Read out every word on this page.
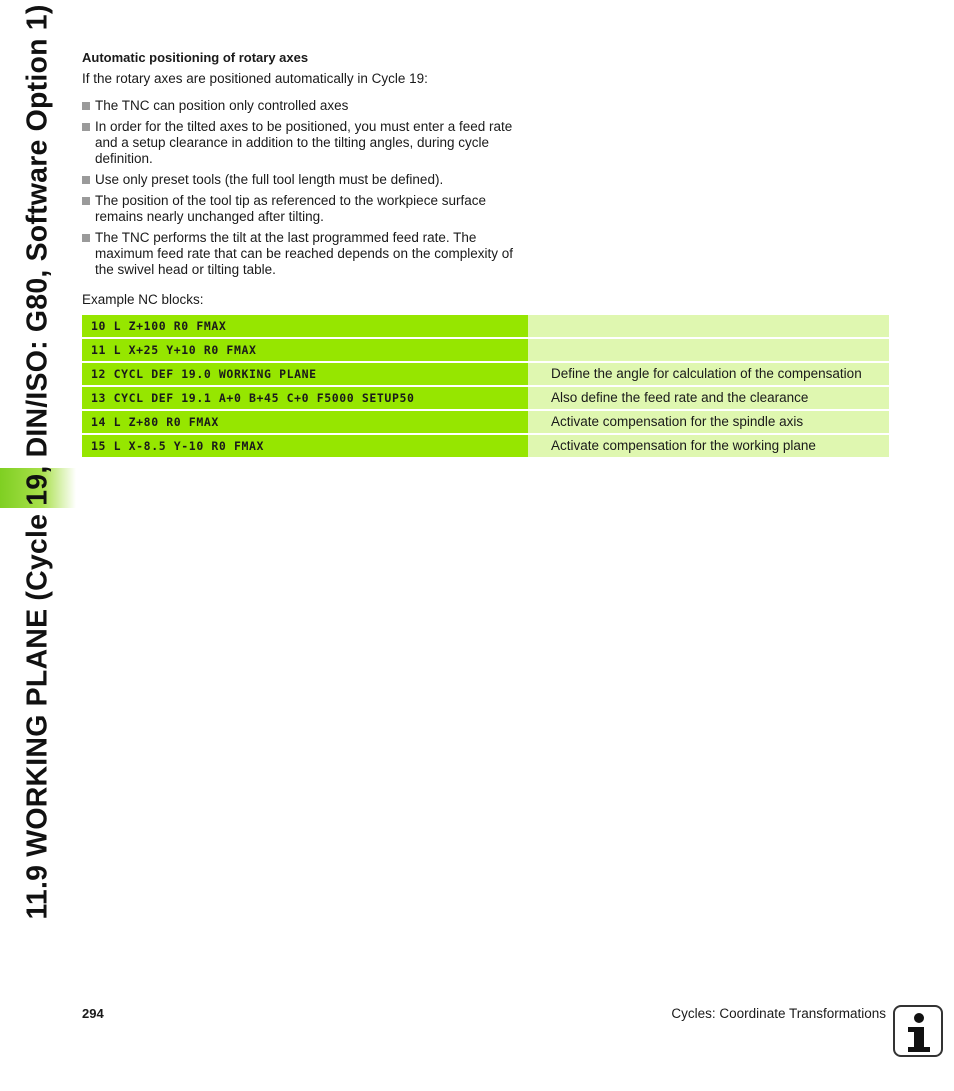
11.9 WORKING PLANE (Cycle 19, DIN/ISO: G80, Software Option 1) Automatic positioning of rotary axes

If the rotary axes are positioned automatically in Cycle 19:

The TNC can position only controlled axes
In order for the tilted axes to be positioned, you must enter a feed rate and a setup clearance in addition to the tilting angles, during cycle definition.
Use only preset tools (the full tool length must be defined).
The position of the tool tip as referenced to the workpiece surface remains nearly unchanged after tilting.
The TNC performs the tilt at the last programmed feed rate. The maximum feed rate that can be reached depends on the complexity of the swivel head or tilting table.

Example NC blocks:

10 L Z+100 R0 FMAX
11 L X+25 Y+10 R0 FMAX
12 CYCL DEF 19.0 WORKING PLANE	Define the angle for calculation of the compensation
13 CYCL DEF 19.1 A+0 B+45 C+0 F5000 SETUP50	Also define the feed rate and the clearance
14 L Z+80 R0 FMAX	Activate compensation for the spindle axis
15 L X-8.5 Y-10 R0 FMAX	Activate compensation for the working plane
294	Cycles: Coordinate Transformations
